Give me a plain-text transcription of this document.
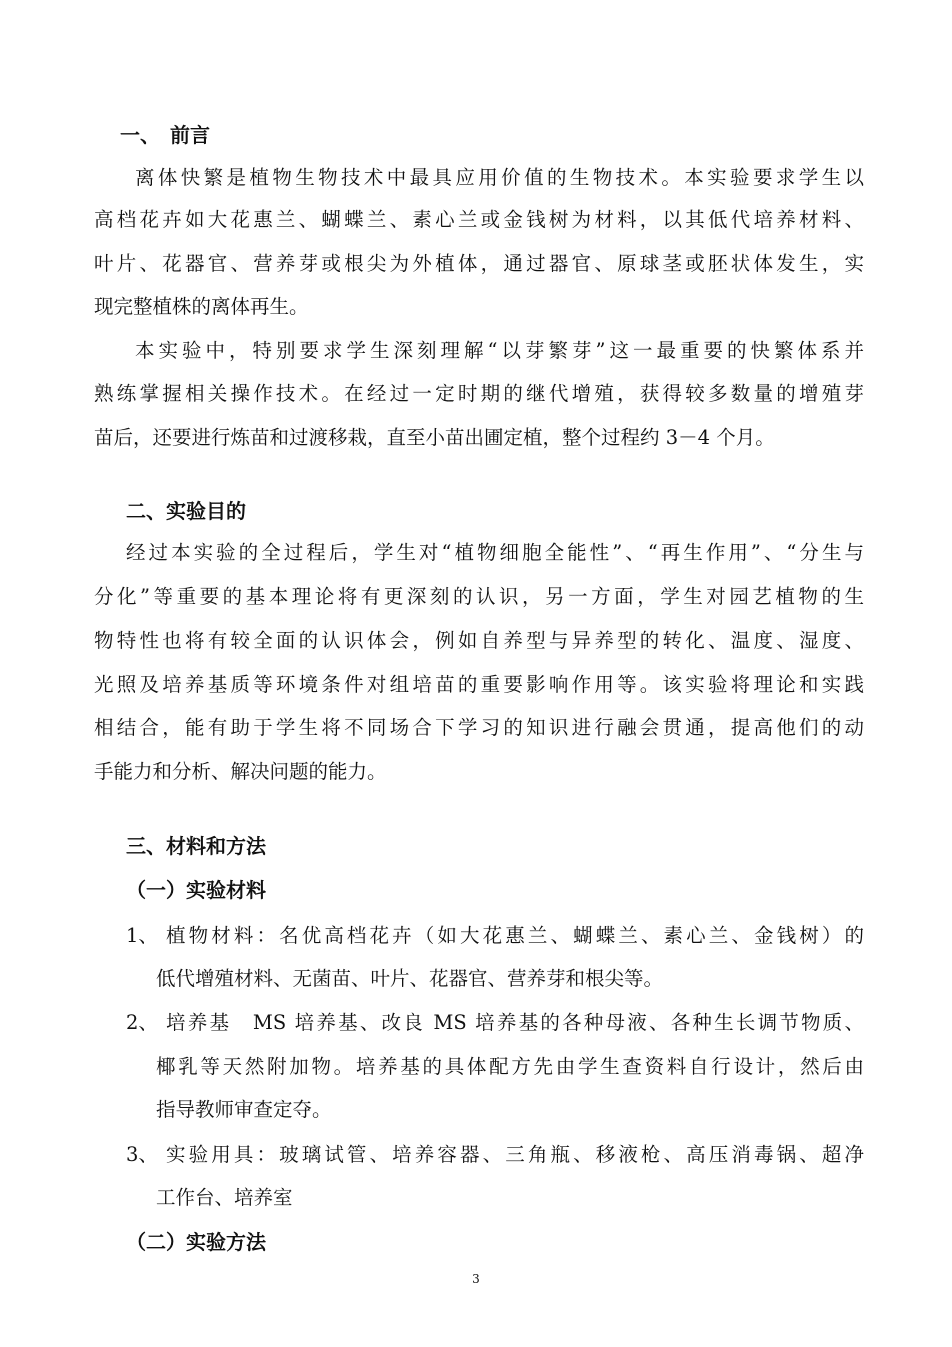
一、　前言
离体快繁是植物生物技术中最具应用价值的生物技术。本实验要求学生以
高档花卉如大花惠兰、蝴蝶兰、素心兰或金钱树为材料，以其低代培养材料、
叶片、花器官、营养芽或根尖为外植体，通过器官、原球茎或胚状体发生，实
现完整植株的离体再生。
本实验中，特别要求学生深刻理解“以芽繁芽”这一最重要的快繁体系并
熟练掌握相关操作技术。在经过一定时期的继代增殖，获得较多数量的增殖芽
苗后，还要进行炼苗和过渡移栽，直至小苗出圃定植，整个过程约 3－4 个月。
二、实验目的
经过本实验的全过程后，学生对“植物细胞全能性”、“再生作用”、“分生与
分化”等重要的基本理论将有更深刻的认识，另一方面，学生对园艺植物的生
物特性也将有较全面的认识体会，例如自养型与异养型的转化、温度、湿度、
光照及培养基质等环境条件对组培苗的重要影响作用等。该实验将理论和实践
相结合，能有助于学生将不同场合下学习的知识进行融会贯通，提高他们的动
手能力和分析、解决问题的能力。
三、材料和方法
（一）实验材料
1、 植物材料：名优高档花卉（如大花惠兰、蝴蝶兰、素心兰、金钱树）的
低代增殖材料、无菌苗、叶片、花器官、营养芽和根尖等。
2、 培养基　MS 培养基、改良 MS 培养基的各种母液、各种生长调节物质、
椰乳等天然附加物。培养基的具体配方先由学生查资料自行设计，然后由
指导教师审查定夺。
3、 实验用具：玻璃试管、培养容器、三角瓶、移液枪、高压消毒锅、超净
工作台、培养室
（二）实验方法
3
